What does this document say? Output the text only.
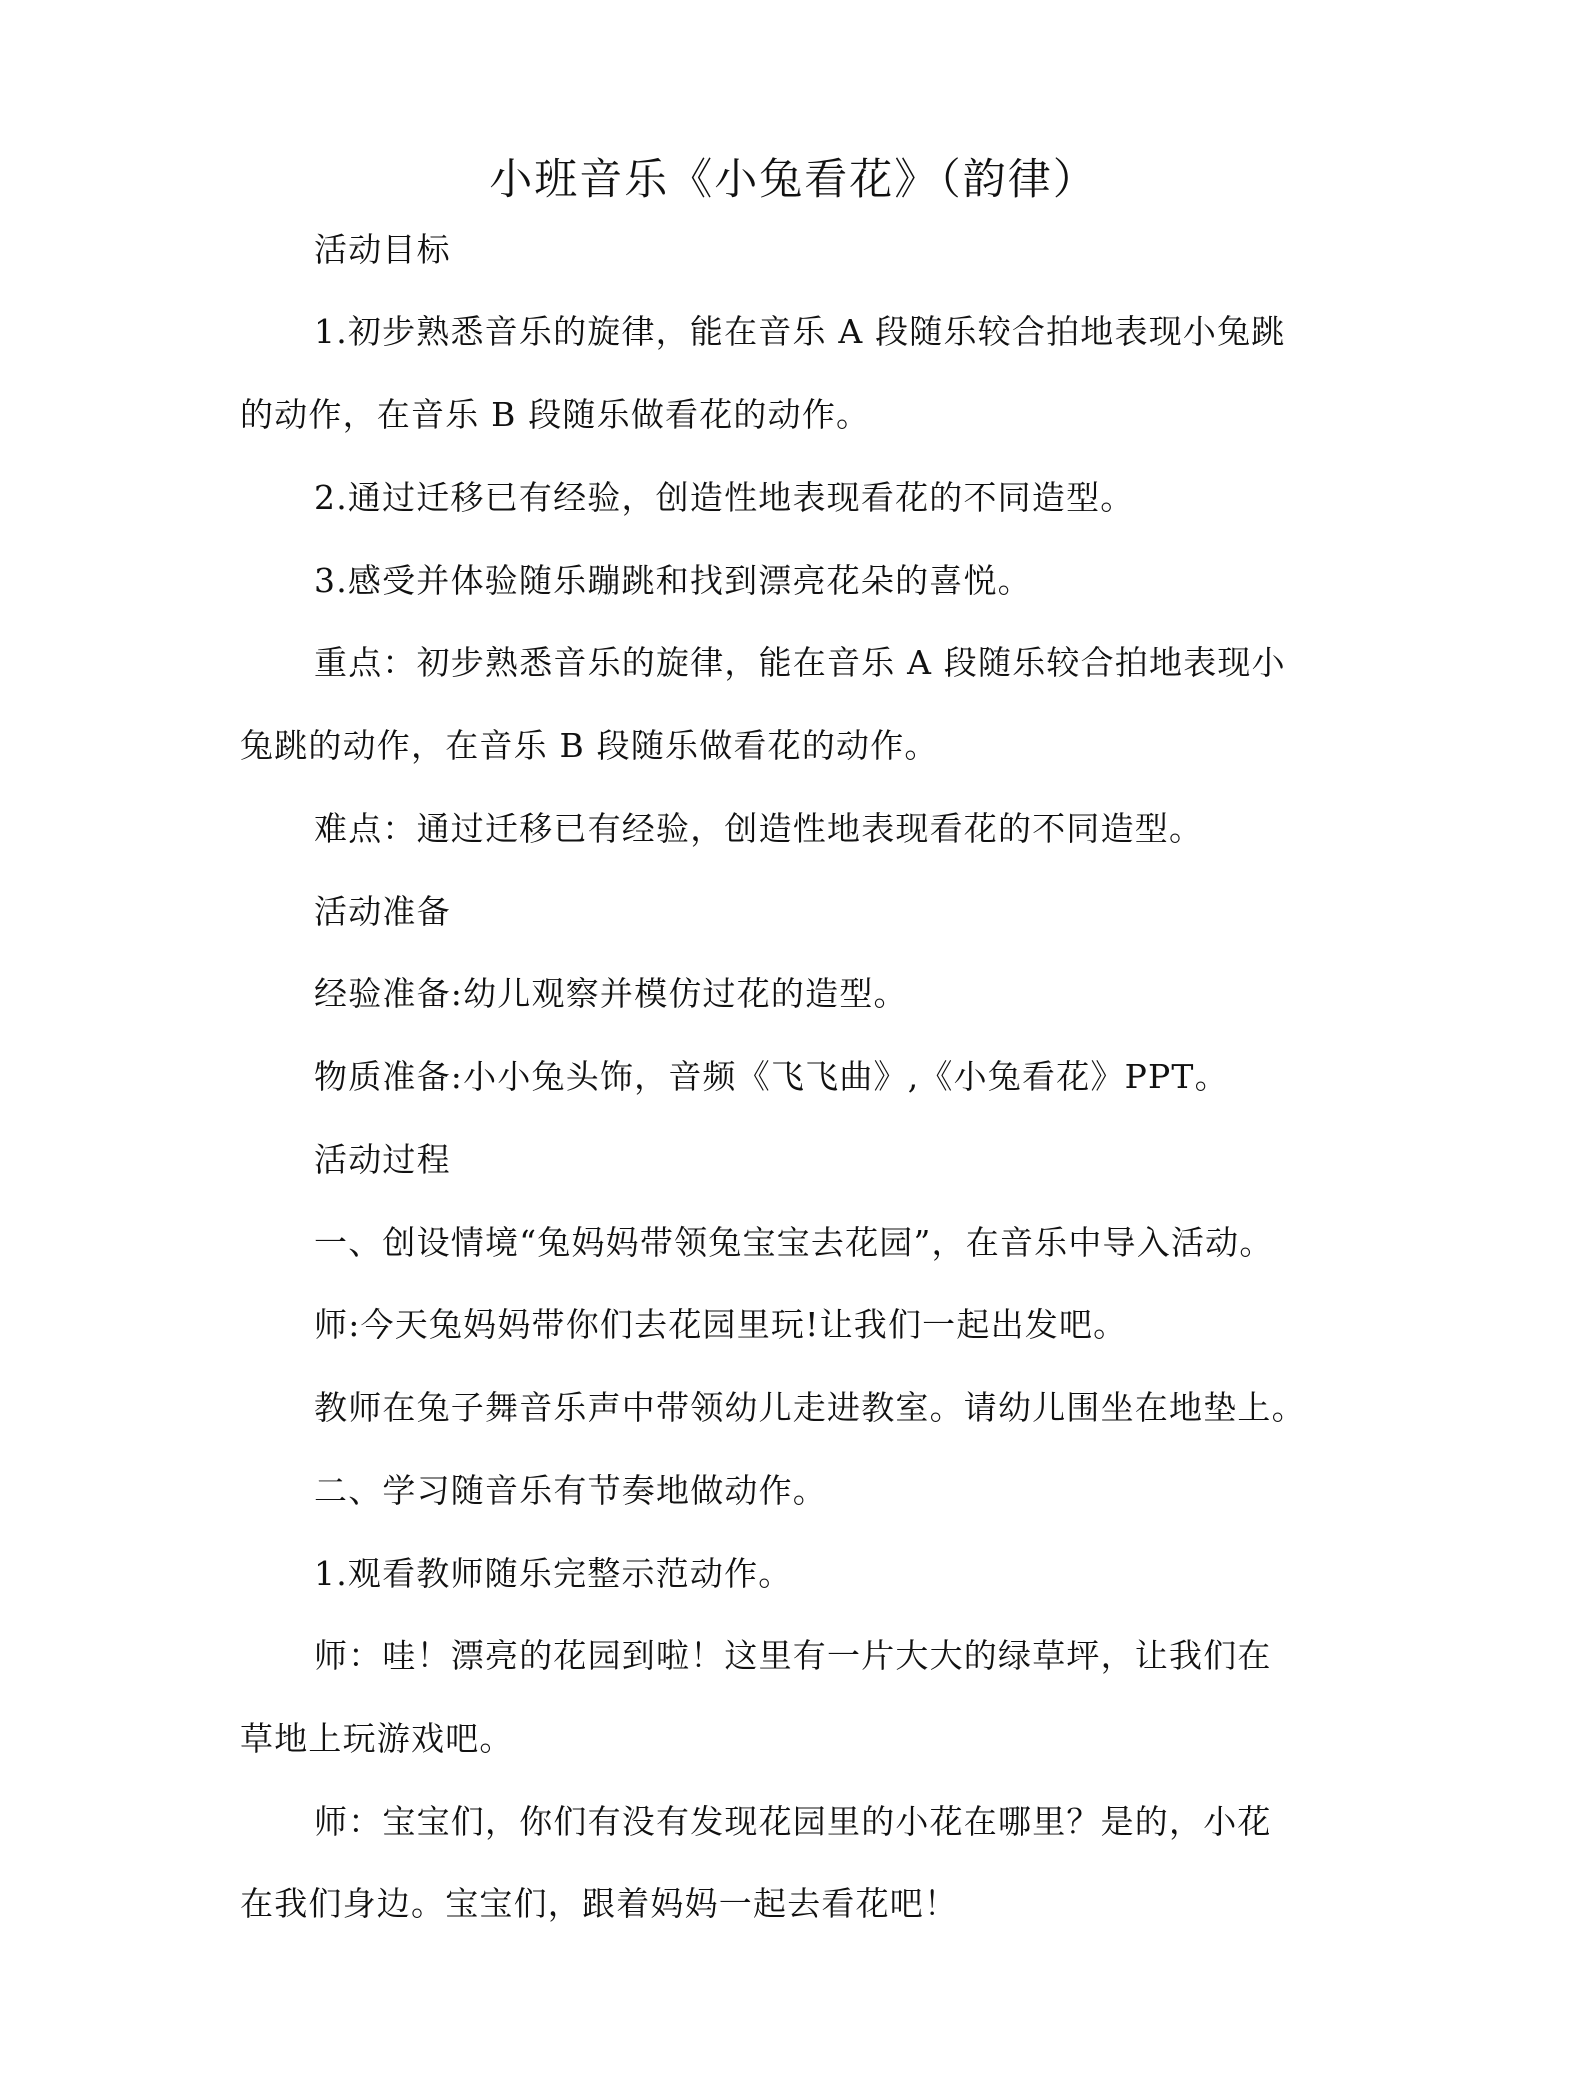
小班音乐《小兔看花》（韵律）
活动目标
1.初步熟悉音乐的旋律，能在音乐 A 段随乐较合拍地表现小兔跳
的动作，在音乐 B 段随乐做看花的动作。
2.通过迁移已有经验，创造性地表现看花的不同造型。
3.感受并体验随乐蹦跳和找到漂亮花朵的喜悦。
重点：初步熟悉音乐的旋律，能在音乐 A 段随乐较合拍地表现小
兔跳的动作，在音乐 B 段随乐做看花的动作。
难点：通过迁移已有经验，创造性地表现看花的不同造型。
活动准备
经验准备:幼儿观察并模仿过花的造型。
物质准备:小小兔头饰，音频《飞飞曲》,《小兔看花》PPT。
活动过程
一、创设情境“兔妈妈带领兔宝宝去花园”，在音乐中导入活动。
师:今天兔妈妈带你们去花园里玩!让我们一起出发吧。
教师在兔子舞音乐声中带领幼儿走进教室。请幼儿围坐在地垫上。
二、学习随音乐有节奏地做动作。
1.观看教师随乐完整示范动作。
师：哇！漂亮的花园到啦！这里有一片大大的绿草坪，让我们在
草地上玩游戏吧。
师：宝宝们，你们有没有发现花园里的小花在哪里？是的，小花
在我们身边。宝宝们，跟着妈妈一起去看花吧！
